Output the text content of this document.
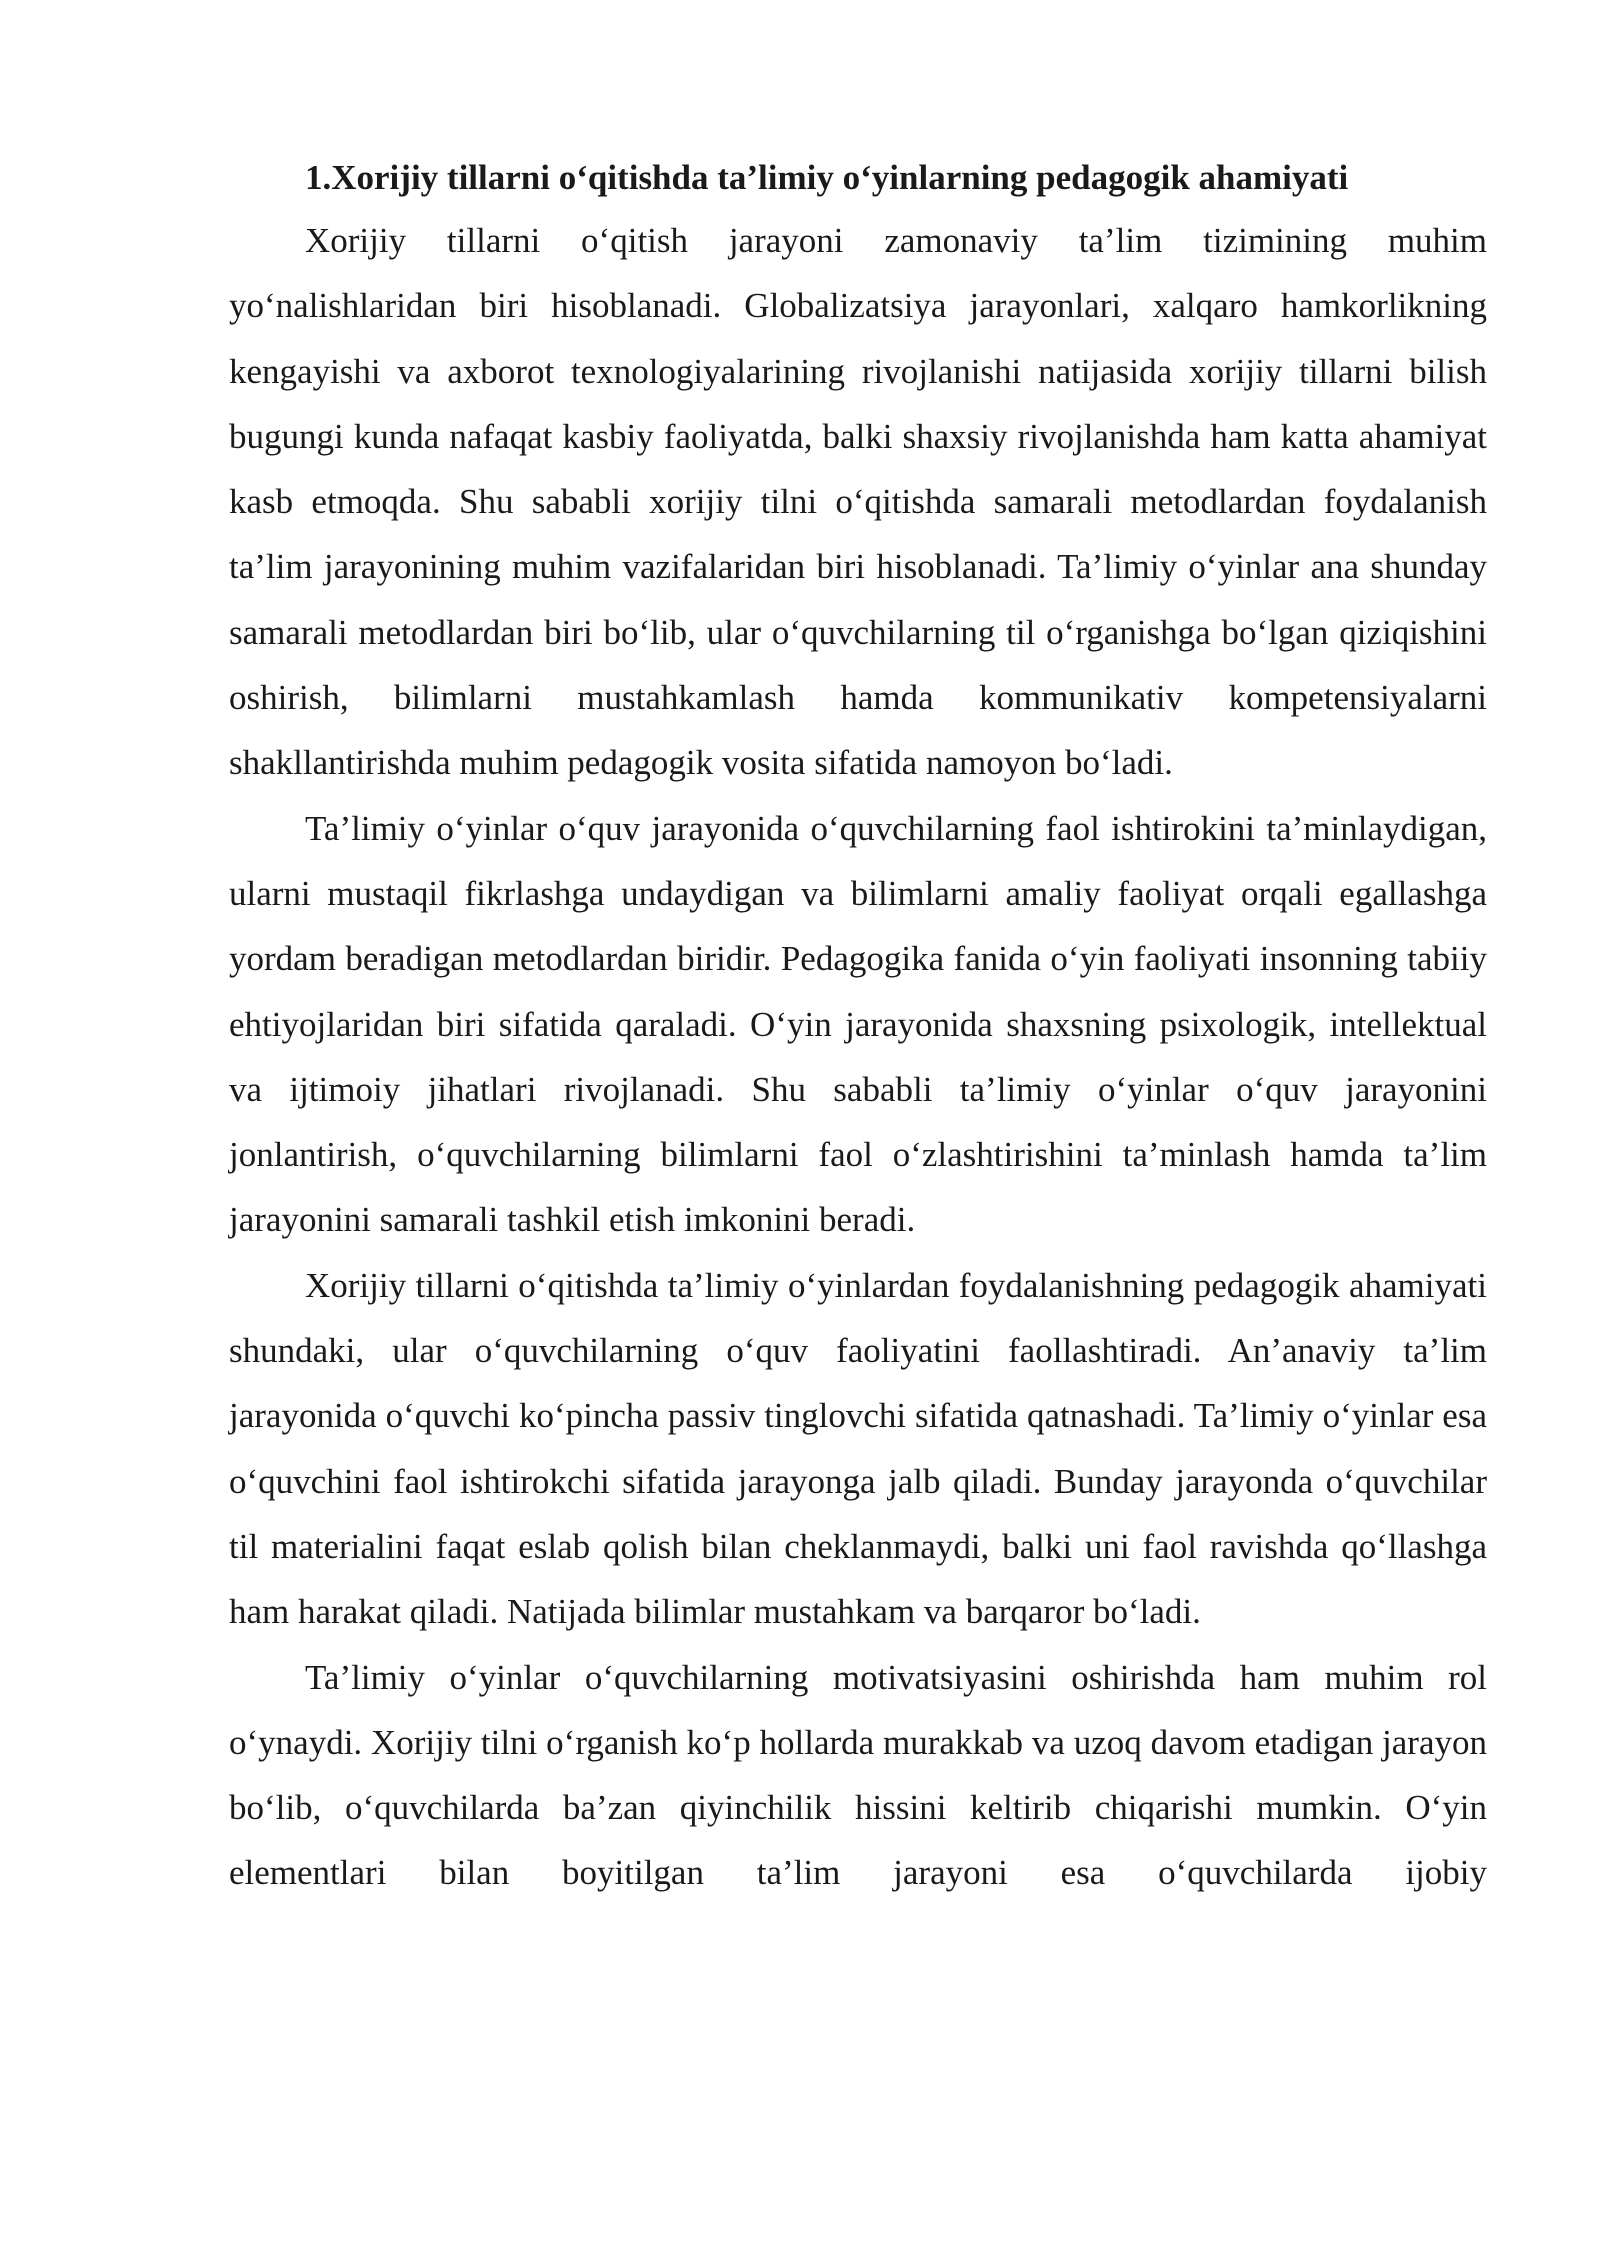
1.Xorijiy tillarni o‘qitishda ta’limiy o‘yinlarning pedagogik ahamiyati

Xorijiy tillarni o‘qitish jarayoni zamonaviy ta’lim tizimining muhim yo‘nalishlaridan biri hisoblanadi. Globalizatsiya jarayonlari, xalqaro hamkorlikning kengayishi va axborot texnologiyalarining rivojlanishi natijasida xorijiy tillarni bilish bugungi kunda nafaqat kasbiy faoliyatda, balki shaxsiy rivojlanishda ham katta ahamiyat kasb etmoqda. Shu sababli xorijiy tilni o‘qitishda samarali metodlardan foydalanish ta’lim jarayonining muhim vazifalaridan biri hisoblanadi. Ta’limiy o‘yinlar ana shunday samarali metodlardan biri bo‘lib, ular o‘quvchilarning til o‘rganishga bo‘lgan qiziqishini oshirish, bilimlarni mustahkamlash hamda kommunikativ kompetensiyalarni shakllantirishda muhim pedagogik vosita sifatida namoyon bo‘ladi.

Ta’limiy o‘yinlar o‘quv jarayonida o‘quvchilarning faol ishtirokini ta’minlaydigan, ularni mustaqil fikrlashga undaydigan va bilimlarni amaliy faoliyat orqali egallashga yordam beradigan metodlardan biridir. Pedagogika fanida o‘yin faoliyati insonning tabiiy ehtiyojlaridan biri sifatida qaraladi. O‘yin jarayonida shaxsning psixologik, intellektual va ijtimoiy jihatlari rivojlanadi. Shu sababli ta’limiy o‘yinlar o‘quv jarayonini jonlantirish, o‘quvchilarning bilimlarni faol o‘zlashtirishini ta’minlash hamda ta’lim jarayonini samarali tashkil etish imkonini beradi.

Xorijiy tillarni o‘qitishda ta’limiy o‘yinlardan foydalanishning pedagogik ahamiyati shundaki, ular o‘quvchilarning o‘quv faoliyatini faollashtiradi. An’anaviy ta’lim jarayonida o‘quvchi ko‘pincha passiv tinglovchi sifatida qatnashadi. Ta’limiy o‘yinlar esa o‘quvchini faol ishtirokchi sifatida jarayonga jalb qiladi. Bunday jarayonda o‘quvchilar til materialini faqat eslab qolish bilan cheklanmaydi, balki uni faol ravishda qo‘llashga ham harakat qiladi. Natijada bilimlar mustahkam va barqaror bo‘ladi.

Ta’limiy o‘yinlar o‘quvchilarning motivatsiyasini oshirishda ham muhim rol o‘ynaydi. Xorijiy tilni o‘rganish ko‘p hollarda murakkab va uzoq davom etadigan jarayon bo‘lib, o‘quvchilarda ba’zan qiyinchilik hissini keltirib chiqarishi mumkin. O‘yin elementlari bilan boyitilgan ta’lim jarayoni esa o‘quvchilarda ijobiy
